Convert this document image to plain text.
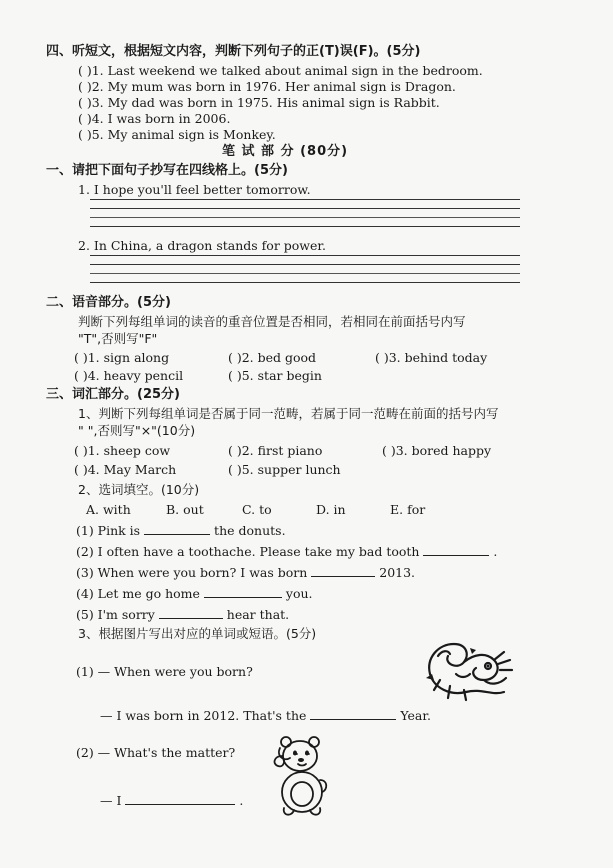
四、听短文，根据短文内容，判断下列句子的正(T)误(F)。(5分)
( )1. Last weekend we talked about animal sign in the bedroom.
( )2. My mum was born in 1976. Her animal sign is Dragon.
( )3. My dad was born in 1975. His animal sign is Rabbit.
( )4. I was born in 2006.
( )5. My animal sign is Monkey.
笔 试 部 分 (80分)
一、请把下面句子抄写在四线格上。(5分)
1. I hope you'll feel better tomorrow.
2. In China, a dragon stands for power.
二、语音部分。(5分)
判断下列每组单词的读音的重音位置是否相同，若相同在前面括号内写
"T",否则写"F"
( )1. sign along	( )2. bed good	( )3. behind today
( )4. heavy pencil	( )5. star begin
三、词汇部分。(25分)
1、判断下列每组单词是否属于同一范畴，若属于同一范畴在前面的括号内写
" ",否则写"×"(10分)
( )1. sheep cow	( )2. first piano	( )3. bored happy
( )4. May March	( )5. supper lunch
2、选词填空。(10分)
A. with	B. out	C. to	D. in	E. for
(1) Pink is	the donuts.
(2) I often have a toothache. Please take my bad tooth	.
(3) When were you born? I was born	2013.
(4) Let me go home	you.
(5) I'm sorry	hear that.
3、根据图片写出对应的单词或短语。(5分)
(1) — When were you born?
— I was born in 2012. That's the	Year.
(2) — What's the matter?
— I	.
